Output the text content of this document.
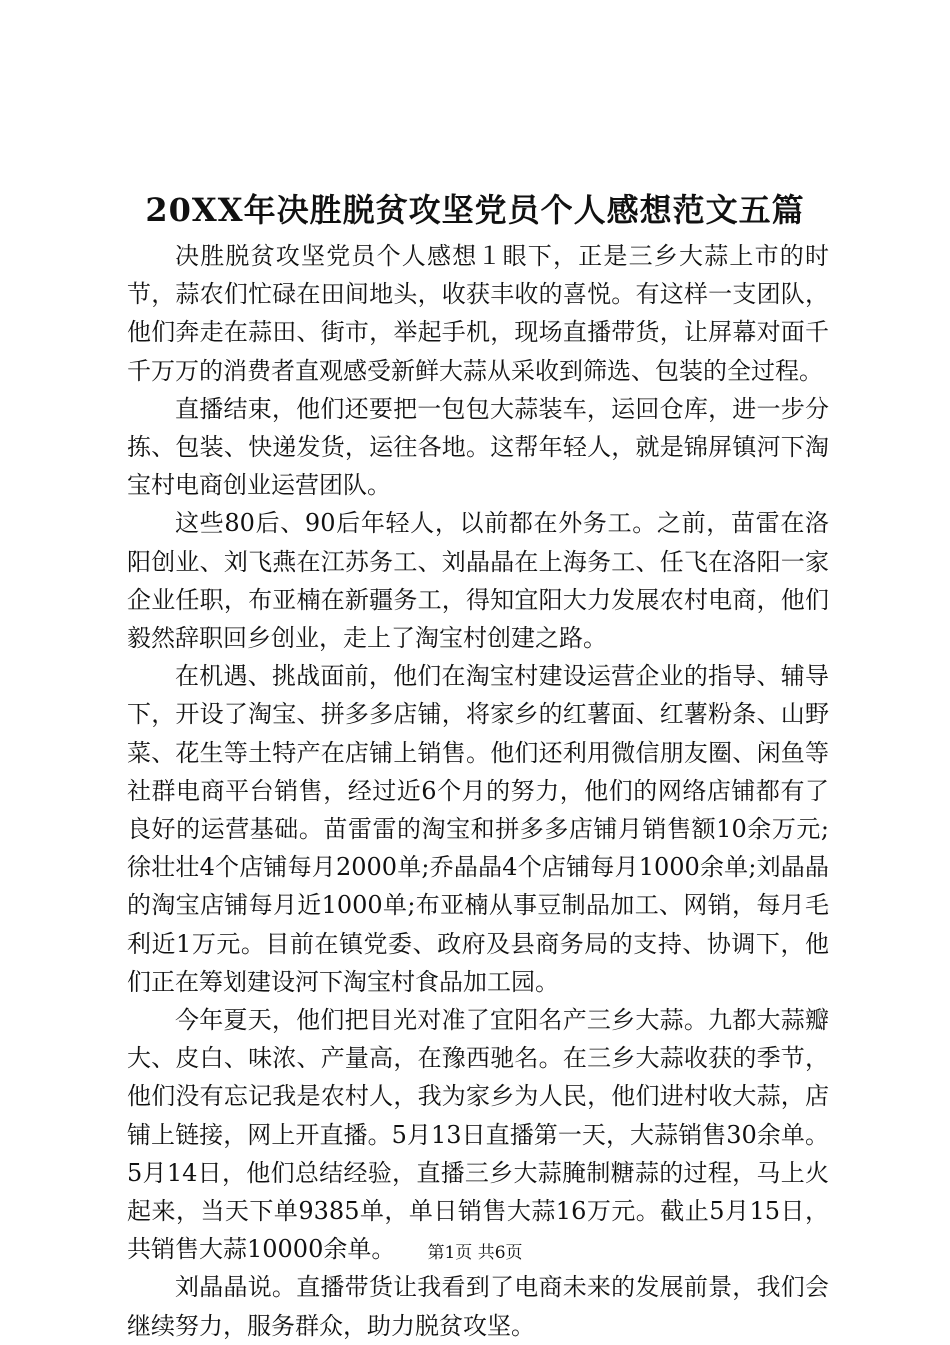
20XX年决胜脱贫攻坚党员个人感想范文五篇

决胜脱贫攻坚党员个人感想１眼下，正是三乡大蒜上市的时节，蒜农们忙碌在田间地头，收获丰收的喜悦。有这样一支团队，他们奔走在蒜田、街市，举起手机，现场直播带货，让屏幕对面千千万万的消费者直观感受新鲜大蒜从采收到筛选、包装的全过程。

直播结束，他们还要把一包包大蒜装车，运回仓库，进一步分拣、包装、快递发货，运往各地。这帮年轻人，就是锦屏镇河下淘宝村电商创业运营团队。

这些80后、90后年轻人，以前都在外务工。之前，苗雷在洛阳创业、刘飞燕在江苏务工、刘晶晶在上海务工、任飞在洛阳一家企业任职，布亚楠在新疆务工，得知宜阳大力发展农村电商，他们毅然辞职回乡创业，走上了淘宝村创建之路。

在机遇、挑战面前，他们在淘宝村建设运营企业的指导、辅导下，开设了淘宝、拼多多店铺，将家乡的红薯面、红薯粉条、山野菜、花生等土特产在店铺上销售。他们还利用微信朋友圈、闲鱼等社群电商平台销售，经过近6个月的努力，他们的网络店铺都有了良好的运营基础。苗雷雷的淘宝和拼多多店铺月销售额10余万元;徐壮壮4个店铺每月2000单;乔晶晶4个店铺每月1000余单;刘晶晶的淘宝店铺每月近1000单;布亚楠从事豆制品加工、网销，每月毛利近1万元。目前在镇党委、政府及县商务局的支持、协调下，他们正在筹划建设河下淘宝村食品加工园。

今年夏天，他们把目光对准了宜阳名产三乡大蒜。九都大蒜瓣大、皮白、味浓、产量高，在豫西驰名。在三乡大蒜收获的季节，他们没有忘记我是农村人，我为家乡为人民，他们进村收大蒜，店铺上链接，网上开直播。5月13日直播第一天，大蒜销售30余单。5月14日，他们总结经验，直播三乡大蒜腌制糖蒜的过程，马上火起来，当天下单9385单，单日销售大蒜16万元。截止5月15日，共销售大蒜10000余单。

刘晶晶说。直播带货让我看到了电商未来的发展前景，我们会继续努力，服务群众，助力脱贫攻坚。

第1页 共6页
